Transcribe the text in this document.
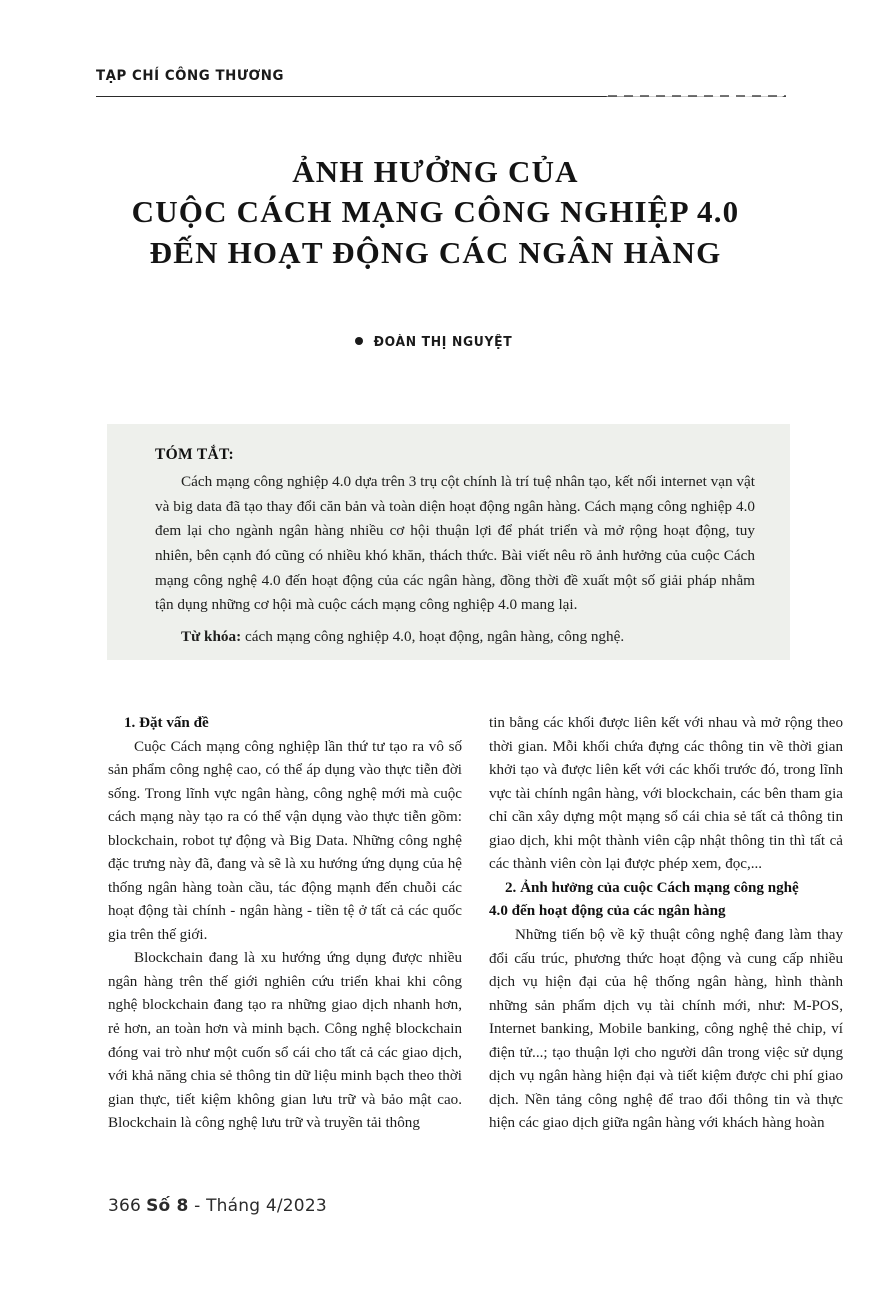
TẠP CHÍ CÔNG THƯƠNG
ẢNH HƯỞNG CỦA
CUỘC CÁCH MẠNG CÔNG NGHIỆP 4.0
ĐẾN HOẠT ĐỘNG CÁC NGÂN HÀNG
ĐOÀN THỊ NGUYỆT
TÓM TẮT:
Cách mạng công nghiệp 4.0 dựa trên 3 trụ cột chính là trí tuệ nhân tạo, kết nối internet vạn vật và big data đã tạo thay đổi căn bản và toàn diện hoạt động ngân hàng. Cách mạng công nghiệp 4.0 đem lại cho ngành ngân hàng nhiều cơ hội thuận lợi để phát triển và mở rộng hoạt động, tuy nhiên, bên cạnh đó cũng có nhiều khó khăn, thách thức. Bài viết nêu rõ ảnh hưởng của cuộc Cách mạng công nghệ 4.0 đến hoạt động của các ngân hàng, đồng thời đề xuất một số giải pháp nhằm tận dụng những cơ hội mà cuộc cách mạng công nghiệp 4.0 mang lại.
Từ khóa: cách mạng công nghiệp 4.0, hoạt động, ngân hàng, công nghệ.
1. Đặt vấn đề

Cuộc Cách mạng công nghiệp lần thứ tư tạo ra vô số sản phẩm công nghệ cao, có thể áp dụng vào thực tiễn đời sống. Trong lĩnh vực ngân hàng, công nghệ mới mà cuộc cách mạng này tạo ra có thể vận dụng vào thực tiễn gồm: blockchain, robot tự động và Big Data. Những công nghệ đặc trưng này đã, đang và sẽ là xu hướng ứng dụng của hệ thống ngân hàng toàn cầu, tác động mạnh đến chuỗi các hoạt động tài chính - ngân hàng - tiền tệ ở tất cả các quốc gia trên thế giới.

Blockchain đang là xu hướng ứng dụng được nhiều ngân hàng trên thế giới nghiên cứu triển khai khi công nghệ blockchain đang tạo ra những giao dịch nhanh hơn, rẻ hơn, an toàn hơn và minh bạch. Công nghệ blockchain đóng vai trò như một cuốn sổ cái cho tất cả các giao dịch, với khả năng chia sẻ thông tin dữ liệu minh bạch theo thời gian thực, tiết kiệm không gian lưu trữ và bảo mật cao. Blockchain là công nghệ lưu trữ và truyền tải thông

tin bằng các khối được liên kết với nhau và mở rộng theo thời gian. Mỗi khối chứa đựng các thông tin về thời gian khởi tạo và được liên kết với các khối trước đó, trong lĩnh vực tài chính ngân hàng, với blockchain, các bên tham gia chỉ cần xây dựng một mạng sổ cái chia sẻ tất cả thông tin giao dịch, khi một thành viên cập nhật thông tin thì tất cả các thành viên còn lại được phép xem, đọc,...

2. Ảnh hưởng của cuộc Cách mạng công nghệ
4.0 đến hoạt động của các ngân hàng

Những tiến bộ về kỹ thuật công nghệ đang làm thay đổi cấu trúc, phương thức hoạt động và cung cấp nhiều dịch vụ hiện đại của hệ thống ngân hàng, hình thành những sản phẩm dịch vụ tài chính mới, như: M-POS, Internet banking, Mobile banking, công nghệ thẻ chip, ví điện tử...; tạo thuận lợi cho người dân trong việc sử dụng dịch vụ ngân hàng hiện đại và tiết kiệm được chi phí giao dịch. Nền tảng công nghệ để trao đổi thông tin và thực hiện các giao dịch giữa ngân hàng với khách hàng hoàn

366 Số 8 - Tháng 4/2023
